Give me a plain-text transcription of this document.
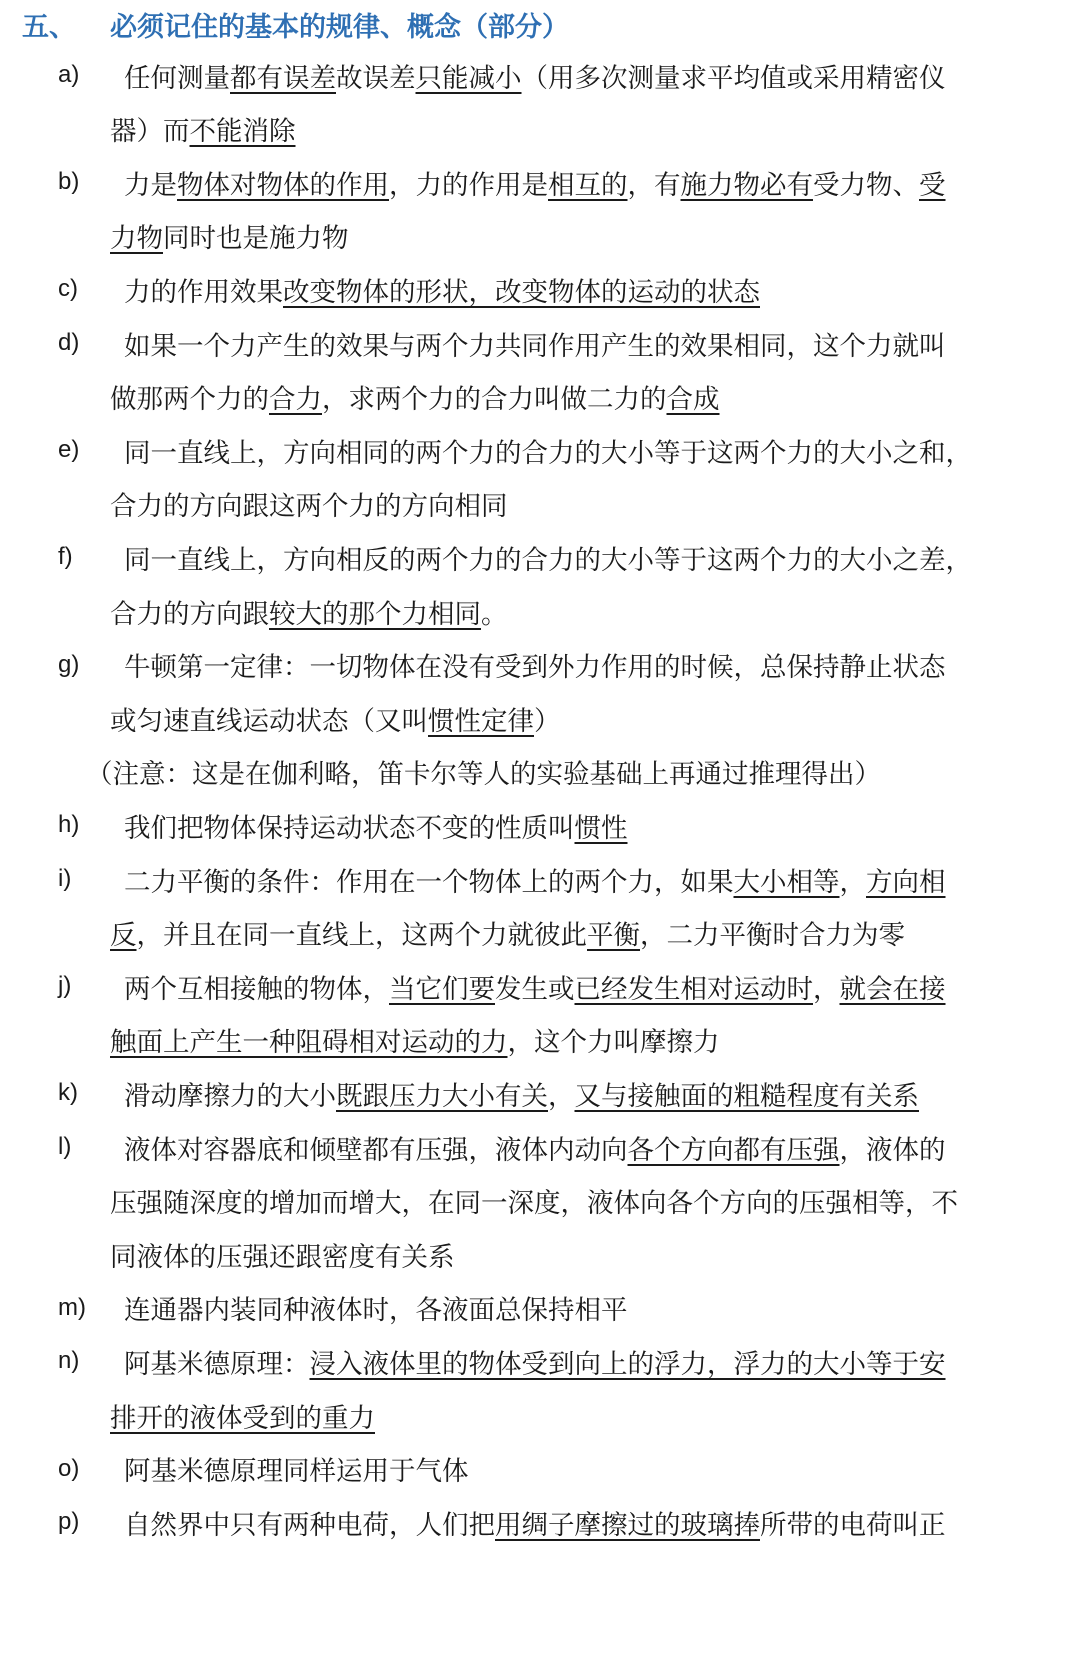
五、	必须记住的基本的规律、概念（部分）
a) 任何测量都有误差故误差只能减小（用多次测量求平均值或采用精密仪
器）而不能消除
b) 力是物体对物体的作用，力的作用是相互的，有施力物必有受力物、受
力物同时也是施力物
c) 力的作用效果改变物体的形状，改变物体的运动的状态
d) 如果一个力产生的效果与两个力共同作用产生的效果相同，这个力就叫
做那两个力的合力，求两个力的合力叫做二力的合成
e) 同一直线上，方向相同的两个力的合力的大小等于这两个力的大小之和，
合力的方向跟这两个力的方向相同
f) 同一直线上，方向相反的两个力的合力的大小等于这两个力的大小之差，
合力的方向跟较大的那个力相同。
g) 牛顿第一定律：一切物体在没有受到外力作用的时候，总保持静止状态
或匀速直线运动状态（又叫惯性定律）
（注意：这是在伽利略，笛卡尔等人的实验基础上再通过推理得出）
h) 我们把物体保持运动状态不变的性质叫惯性
i) 二力平衡的条件：作用在一个物体上的两个力，如果大小相等，方向相
反，并且在同一直线上，这两个力就彼此平衡，二力平衡时合力为零
j) 两个互相接触的物体，当它们要发生或已经发生相对运动时，就会在接
触面上产生一种阻碍相对运动的力，这个力叫摩擦力
k) 滑动摩擦力的大小既跟压力大小有关，又与接触面的粗糙程度有关系
l) 液体对容器底和倾壁都有压强，液体内动向各个方向都有压强，液体的
压强随深度的增加而增大，在同一深度，液体向各个方向的压强相等，不
同液体的压强还跟密度有关系
m) 连通器内装同种液体时，各液面总保持相平
n) 阿基米德原理：浸入液体里的物体受到向上的浮力，浮力的大小等于安
排开的液体受到的重力
o) 阿基米德原理同样运用于气体
p) 自然界中只有两种电荷，人们把用绸子摩擦过的玻璃捧所带的电荷叫正
